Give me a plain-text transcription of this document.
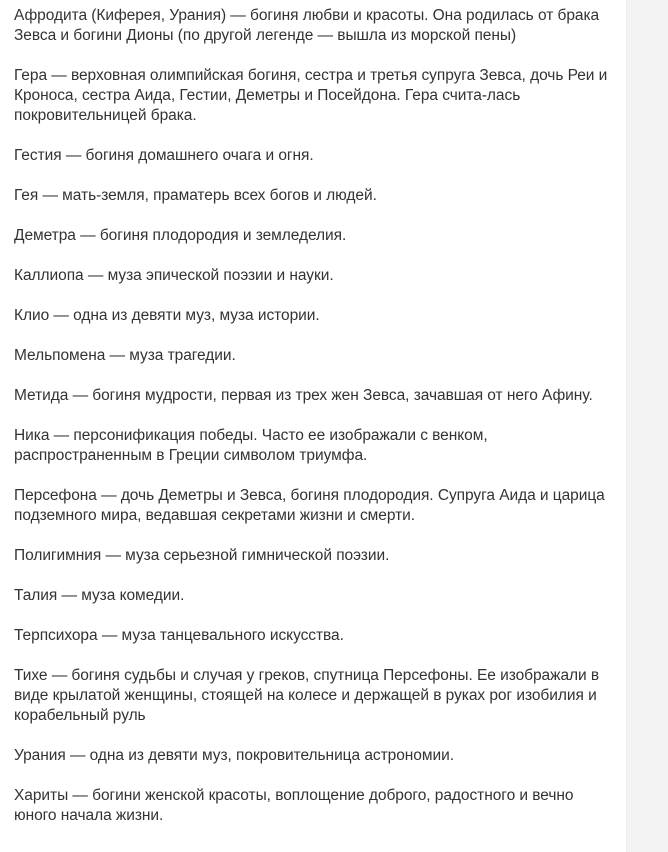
Афродита (Киферея, Урания) — богиня любви и красоты. Она родилась от брака Зевса и богини Дионы (по другой легенде — вышла из морской пены)

Гера — верховная олимпийская богиня, сестра и третья супруга Зевса, дочь Реи и Кроноса, сестра Аида, Гестии, Деметры и Посейдона. Гера счита-лась покровительницей брака.

Гестия — богиня домашнего очага и огня.

Гея — мать-земля, праматерь всех богов и людей.

Деметра — богиня плодородия и земледелия.

Каллиопа — муза эпической поэзии и науки.

Клио — одна из девяти муз, муза истории.

Мельпомена — муза трагедии.

Метида — богиня мудрости, первая из трех жен Зевса, зачавшая от него Афину.

Ника — персонификация победы. Часто ее изображали с венком, распространенным в Греции символом триумфа.

Персефона — дочь Деметры и Зевса, богиня плодородия. Супруга Аида и царица подземного мира, ведавшая секретами жизни и смерти.

Полигимния — муза серьезной гимнической поэзии.

Талия — муза комедии.

Терпсихора — муза танцевального искусства.

Тихе — богиня судьбы и случая у греков, спутница Персефоны. Ее изображали в виде крылатой женщины, стоящей на колесе и держащей в руках рог изобилия и корабельный руль

Урания — одна из девяти муз, покровительница астрономии.

Хариты — богини женской красоты, воплощение доброго, радостного и вечно юного начала жизни.
